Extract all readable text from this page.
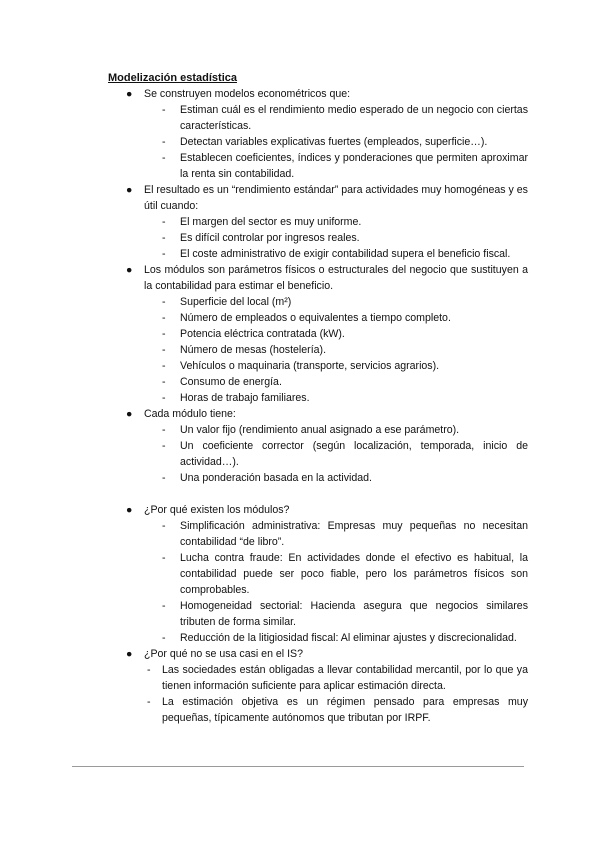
Modelización estadística
● Se construyen modelos econométricos que:
- Estiman cuál es el rendimiento medio esperado de un negocio con ciertas características.
- Detectan variables explicativas fuertes (empleados, superficie…).
- Establecen coeficientes, índices y ponderaciones que permiten aproximar la renta sin contabilidad.
● El resultado es un “rendimiento estándar” para actividades muy homogéneas y es útil cuando:
- El margen del sector es muy uniforme.
- Es difícil controlar por ingresos reales.
- El coste administrativo de exigir contabilidad supera el beneficio fiscal.
● Los módulos son parámetros físicos o estructurales del negocio que sustituyen a la contabilidad para estimar el beneficio.
- Superficie del local (m²)
- Número de empleados o equivalentes a tiempo completo.
- Potencia eléctrica contratada (kW).
- Número de mesas (hostelería).
- Vehículos o maquinaria (transporte, servicios agrarios).
- Consumo de energía.
- Horas de trabajo familiares.
● Cada módulo tiene:
- Un valor fijo (rendimiento anual asignado a ese parámetro).
- Un coeficiente corrector (según localización, temporada, inicio de actividad…).
- Una ponderación basada en la actividad.
● ¿Por qué existen los módulos?
- Simplificación administrativa: Empresas muy pequeñas no necesitan contabilidad “de libro”.
- Lucha contra fraude: En actividades donde el efectivo es habitual, la contabilidad puede ser poco fiable, pero los parámetros físicos son comprobables.
- Homogeneidad sectorial: Hacienda asegura que negocios similares tributen de forma similar.
- Reducción de la litigiosidad fiscal: Al eliminar ajustes y discrecionalidad.
● ¿Por qué no se usa casi en el IS?
- Las sociedades están obligadas a llevar contabilidad mercantil, por lo que ya tienen información suficiente para aplicar estimación directa.
- La estimación objetiva es un régimen pensado para empresas muy pequeñas, típicamente autónomos que tributan por IRPF.
